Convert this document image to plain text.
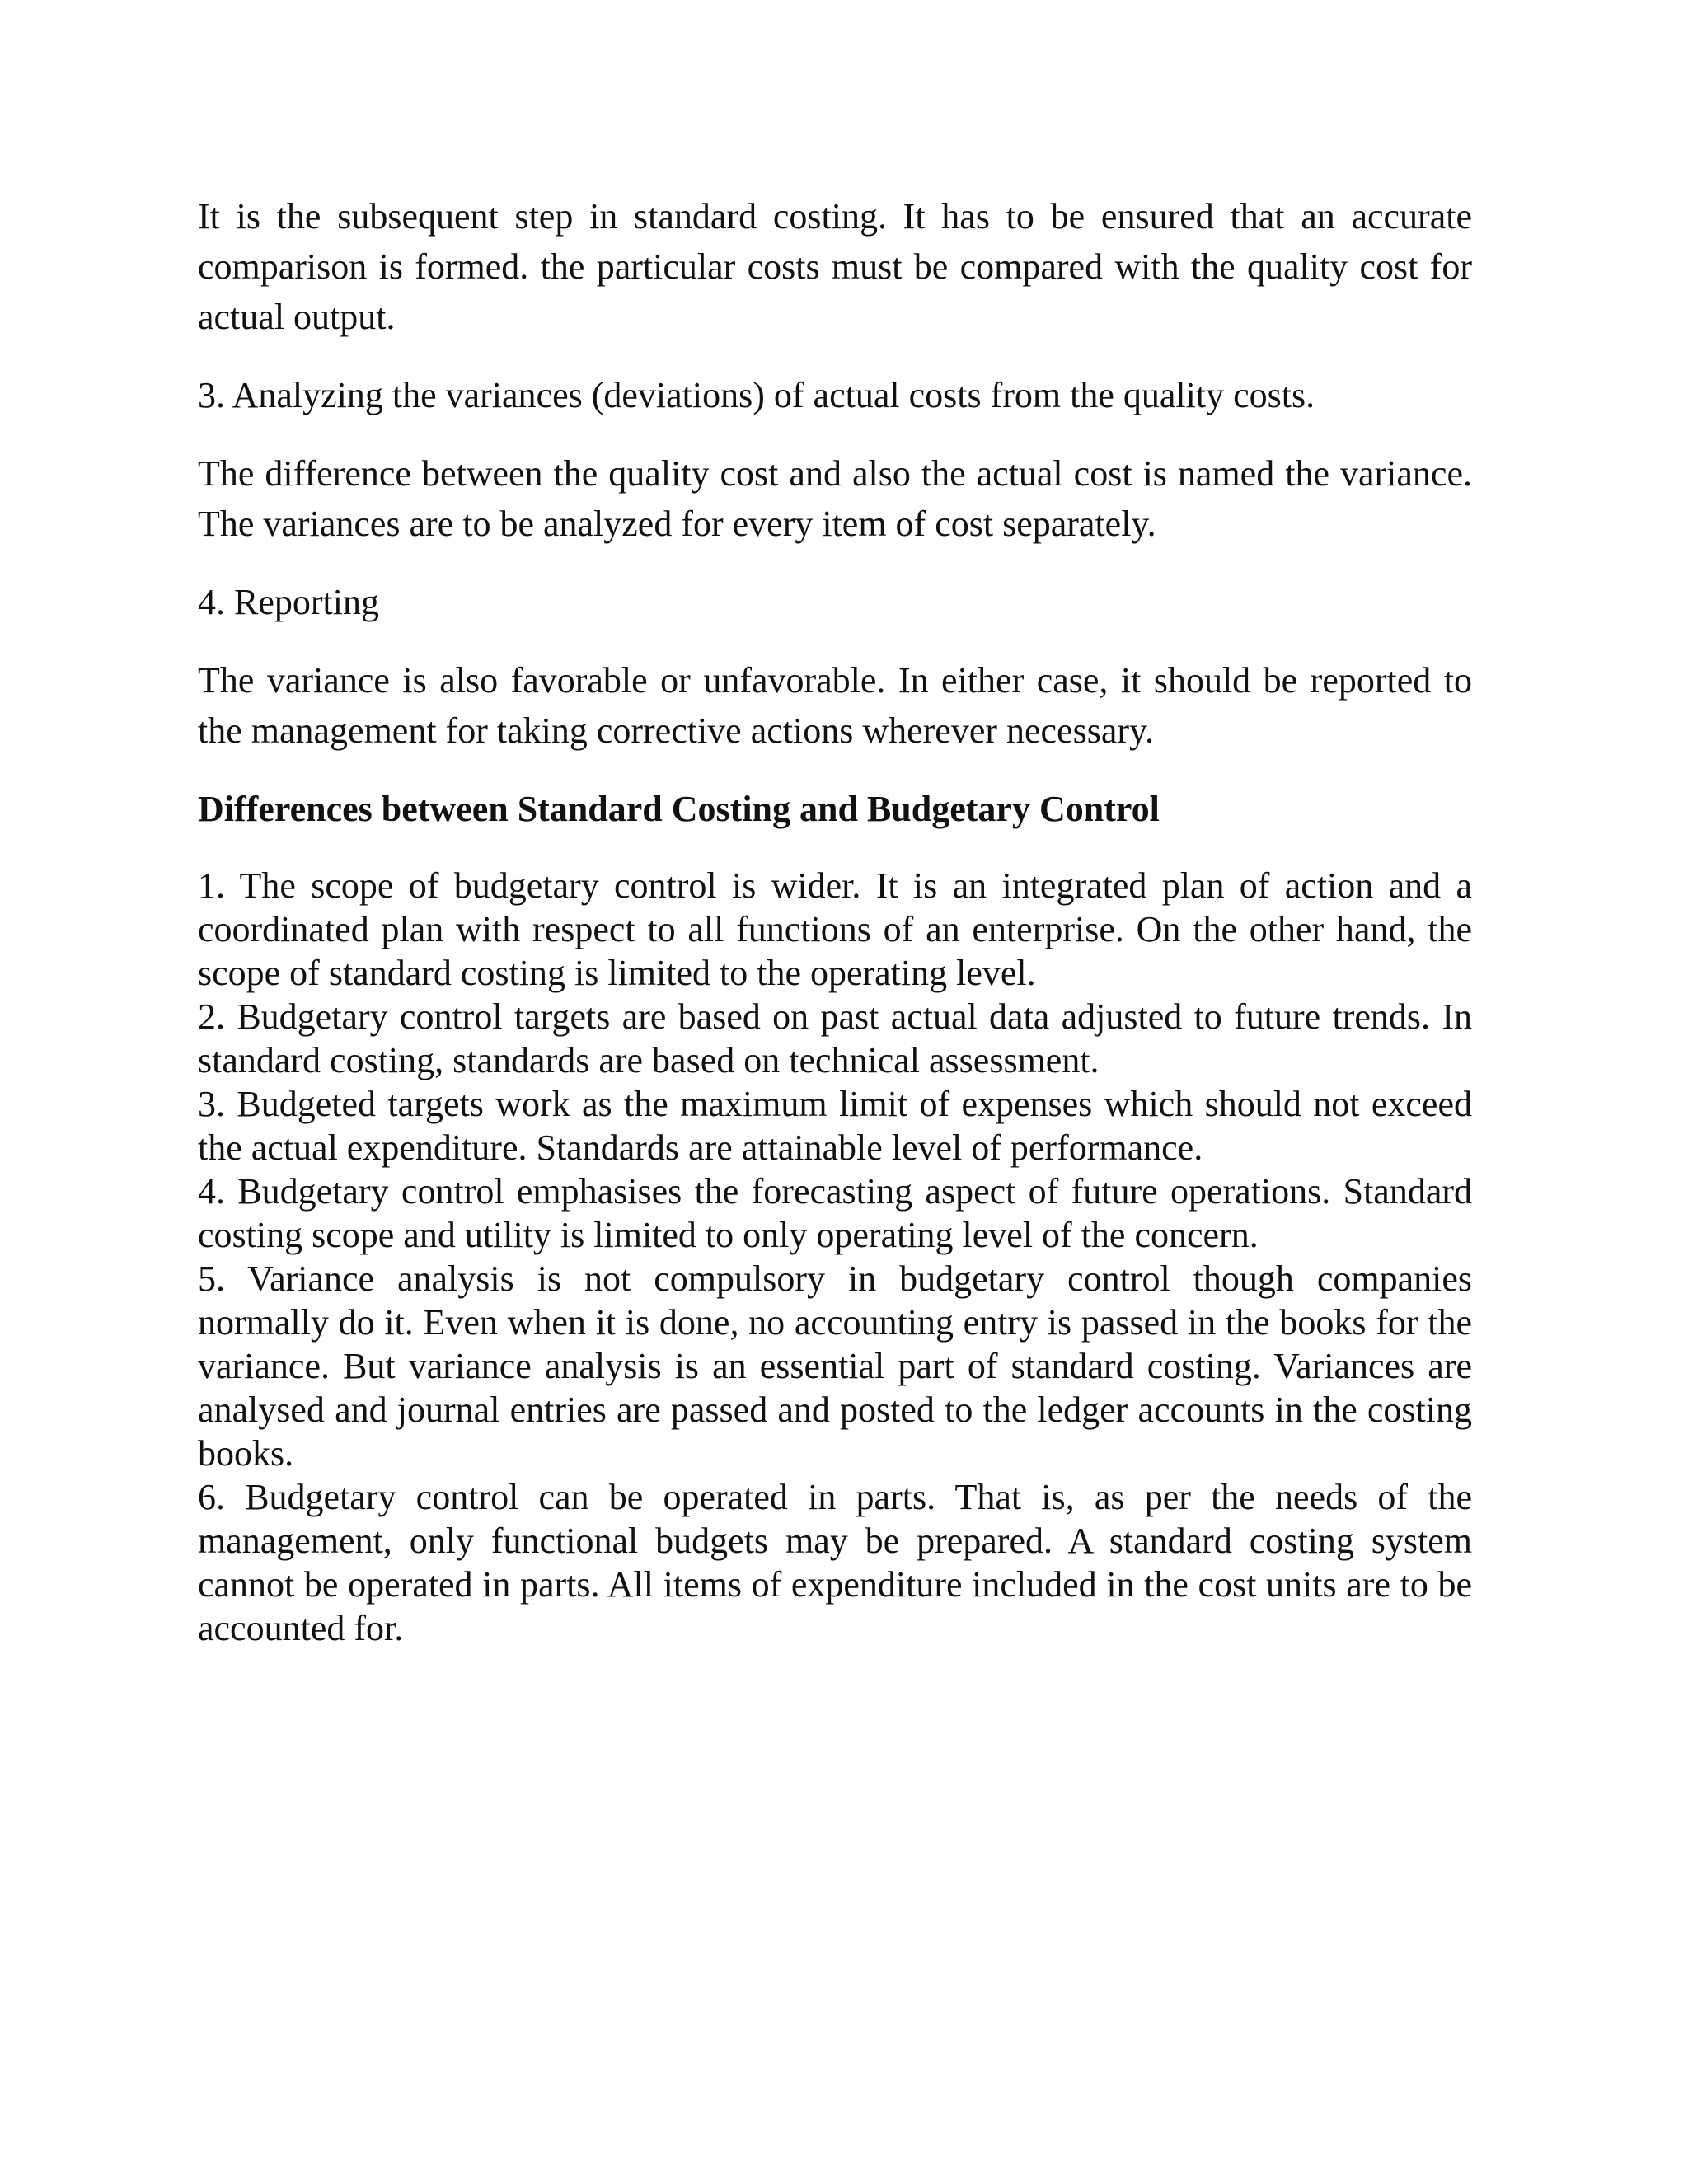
It is the subsequent step in standard costing. It has to be ensured that an accurate comparison is formed. the particular costs must be compared with the quality cost for actual output.

3. Analyzing the variances (deviations) of actual costs from the quality costs.

The difference between the quality cost and also the actual cost is named the variance. The variances are to be analyzed for every item of cost separately.

4. Reporting

The variance is also favorable or unfavorable. In either case, it should be reported to the management for taking corrective actions wherever necessary.

Differences between Standard Costing and Budgetary Control

1. The scope of budgetary control is wider. It is an integrated plan of action and a coordinated plan with respect to all functions of an enterprise. On the other hand, the scope of standard costing is limited to the operating level.

2. Budgetary control targets are based on past actual data adjusted to future trends. In standard costing, standards are based on technical assessment.

3. Budgeted targets work as the maximum limit of expenses which should not exceed the actual expenditure. Standards are attainable level of performance.

4. Budgetary control emphasises the forecasting aspect of future operations. Standard costing scope and utility is limited to only operating level of the concern.

5. Variance analysis is not compulsory in budgetary control though companies normally do it. Even when it is done, no accounting entry is passed in the books for the variance. But variance analysis is an essential part of standard costing. Variances are analysed and journal entries are passed and posted to the ledger accounts in the costing books.

6. Budgetary control can be operated in parts. That is, as per the needs of the management, only functional budgets may be prepared. A standard costing system cannot be operated in parts. All items of expenditure included in the cost units are to be accounted for.
